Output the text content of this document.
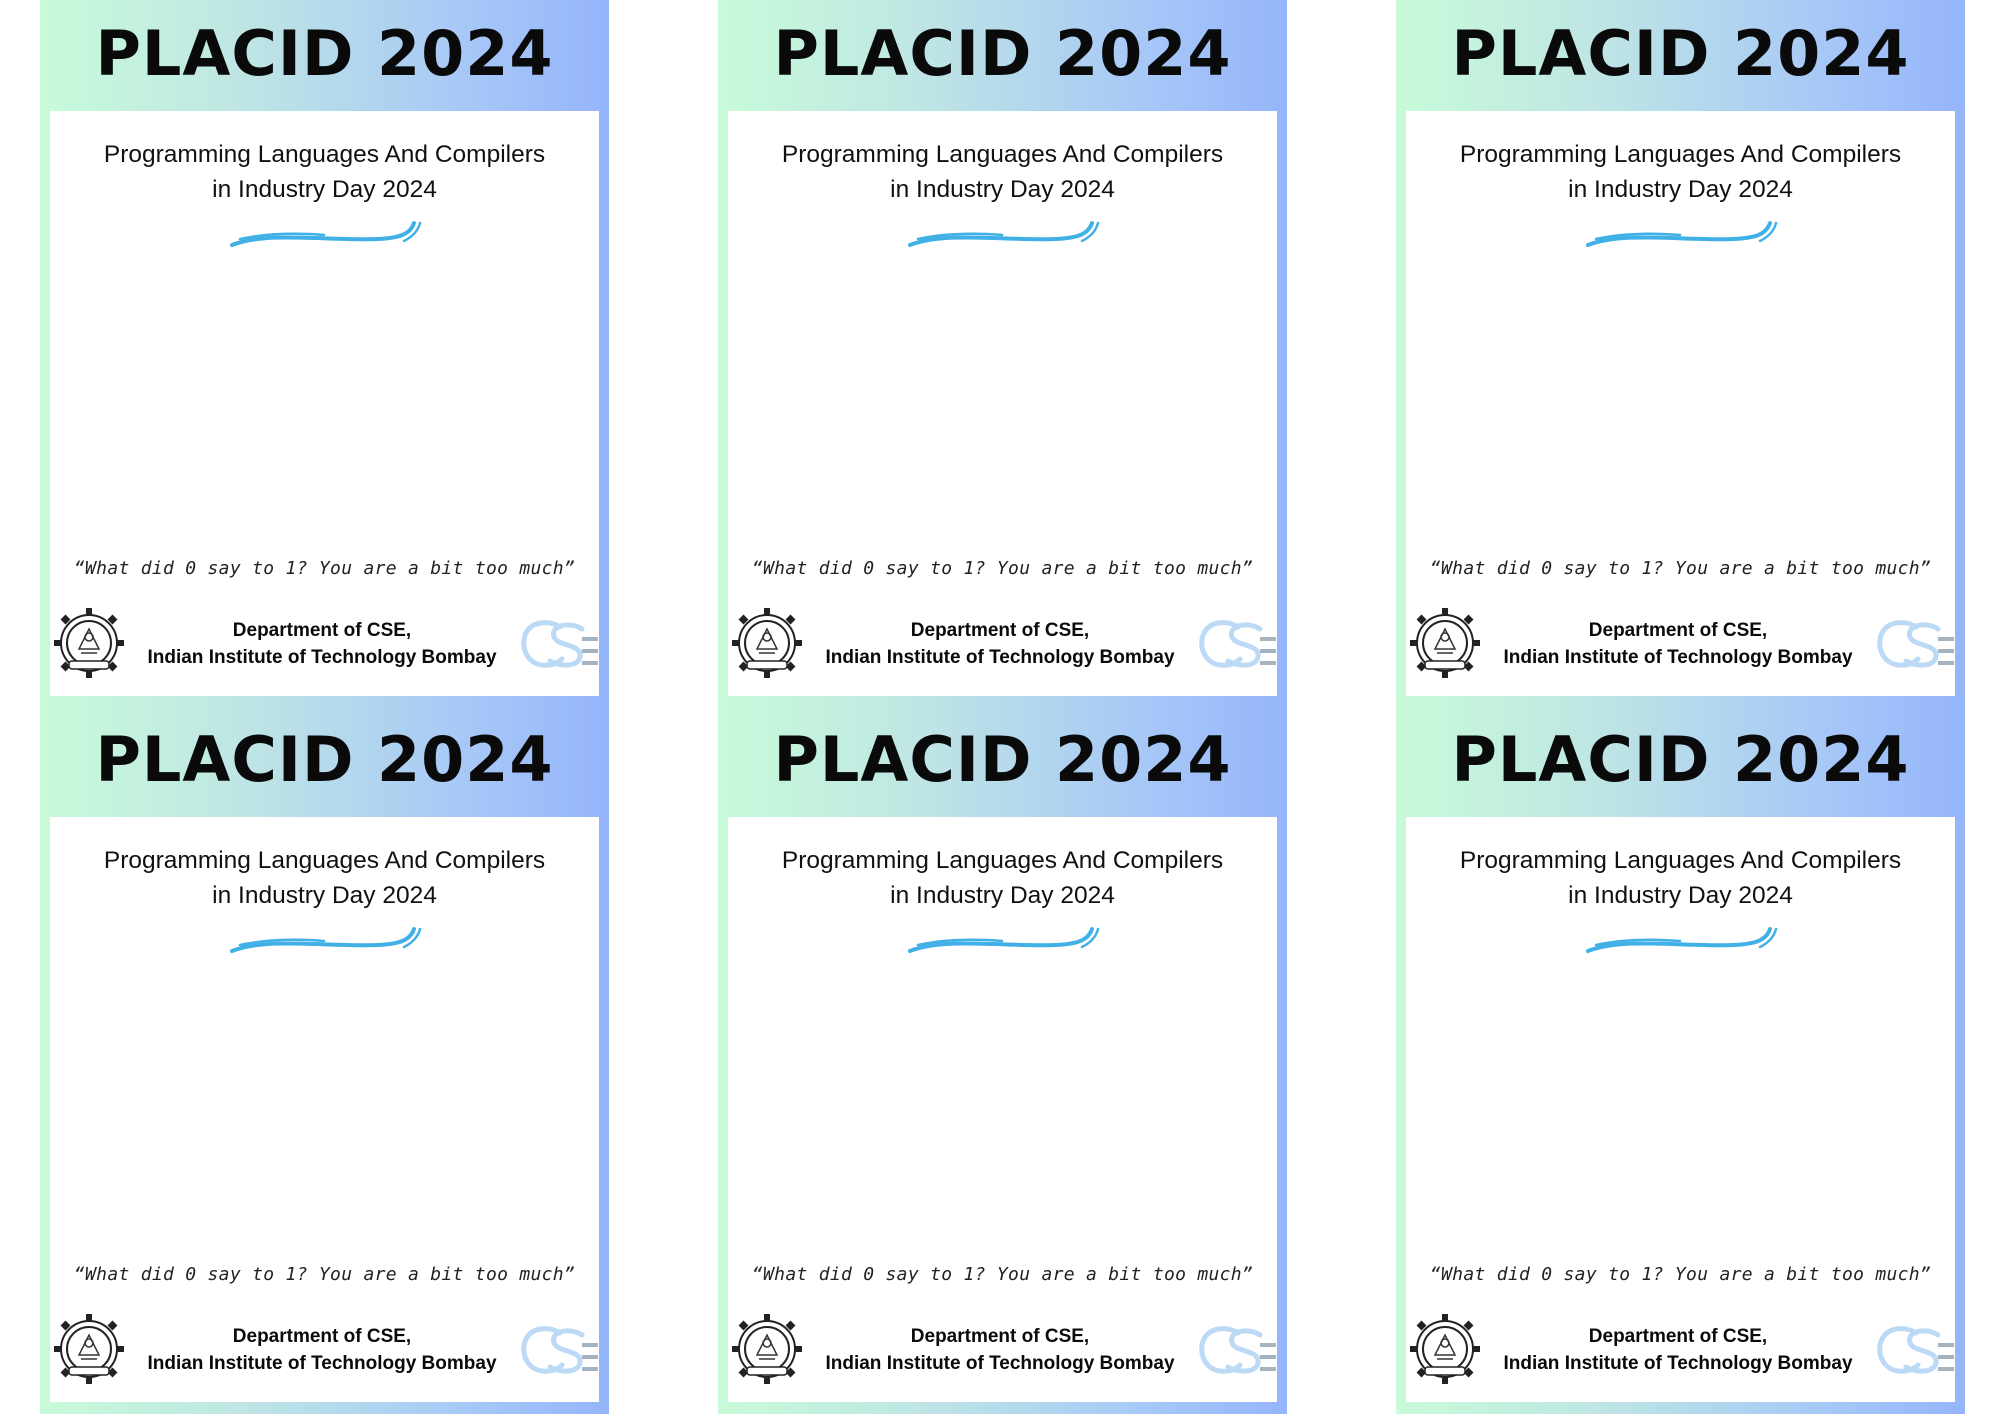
PLACID 2024
Programming Languages And Compilers
in Industry Day 2024
“What did 0 say to 1? You are a bit too much”
Department of CSE,
Indian Institute of Technology Bombay
PLACID 2024
Programming Languages And Compilers
in Industry Day 2024
“What did 0 say to 1? You are a bit too much”
Department of CSE,
Indian Institute of Technology Bombay
PLACID 2024
Programming Languages And Compilers
in Industry Day 2024
“What did 0 say to 1? You are a bit too much”
Department of CSE,
Indian Institute of Technology Bombay
PLACID 2024
Programming Languages And Compilers
in Industry Day 2024
“What did 0 say to 1? You are a bit too much”
Department of CSE,
Indian Institute of Technology Bombay
PLACID 2024
Programming Languages And Compilers
in Industry Day 2024
“What did 0 say to 1? You are a bit too much”
Department of CSE,
Indian Institute of Technology Bombay
PLACID 2024
Programming Languages And Compilers
in Industry Day 2024
“What did 0 say to 1? You are a bit too much”
Department of CSE,
Indian Institute of Technology Bombay
